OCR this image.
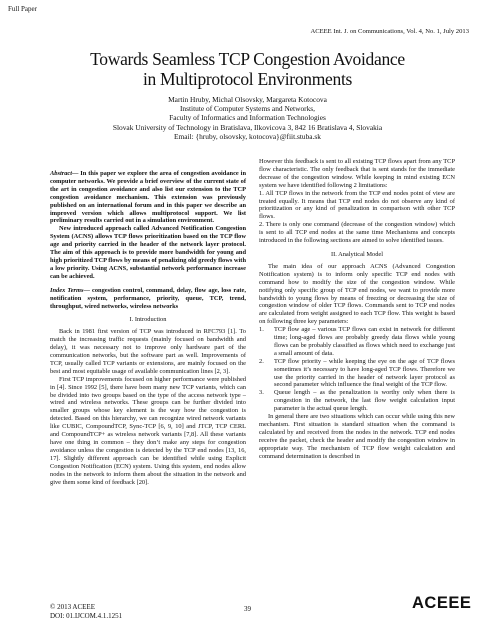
Full Paper
ACEEE Int. J. on Communications, Vol. 4, No. 1, July 2013
Towards Seamless TCP Congestion Avoidance
in Multiprotocol Environments
Martin Hruby, Michal Olsovsky, Margareta Kotocova
Institute of Computer Systems and Networks,
Faculty of Informatics and Information Technologies
Slovak University of Technology in Bratislava, Ilkovicova 3, 842 16 Bratislava 4, Slovakia
Email: {hruby, olsovsky, kotocova}@fiit.stuba.sk

Abstract— In this paper we explore the area of congestion avoidance in computer networks. We provide a brief overview of the current state of the art in congestion avoidance and also list our extension to the TCP congestion avoidance mechanism. This extension was previously published on an international forum and in this paper we describe an improved version which allows multiprotocol support. We list preliminary results carried out in a simulation environment.

New introduced approach called Advanced Notification Congestion System (ACNS) allows TCP flows prioritization based on the TCP flow age and priority carried in the header of the network layer protocol. The aim of this approach is to provide more bandwidth for young and high prioritized TCP flows by means of penalizing old greedy flows with a low priority. Using ACNS, substantial network performance increase can be achieved.

Index Terms— congestion control, command, delay, flow age, loss rate, notification system, performance, priority, queue, TCP, trend, throughput, wired networks, wireless networks

I. Introduction

Back in 1981 first version of TCP was introduced in RFC793 [1]. To match the increasing traffic requests (mainly focused on bandwidth and delay), it was necessary not to improve only hardware part of the communication networks, but the software part as well. Improvements of TCP, usually called TCP variants or extensions, are mainly focused on the best and most equitable usage of available communication lines [2, 3].

First TCP improvements focused on higher performance were published in [4]. Since 1992 [5], there have been many new TCP variants, which can be divided into two groups based on the type of the access network type – wired and wireless networks. These groups can be further divided into smaller groups whose key element is the way how the congestion is detected. Based on this hierarchy, we can recognize wired network variants like CUBIC, CompoundTCP, Sync-TCP [6, 9, 10] and JTCP, TCP CERL and CompoundTCP+ as wireless network variants [7,8]. All these variants have one thing in common – they don’t make any steps for congestion avoidance unless the congestion is detected by the TCP end nodes [13, 16, 17]. Slightly different approach can be identified while using Explicit Congestion Notification (ECN) system. Using this system, end nodes allow nodes in the network to inform them about the situation in the network and give them some kind of feedback [20].

However this feedback is sent to all existing TCP flows apart from any TCP flow characteristic. The only feedback that is sent stands for the immediate decrease of the congestion window. While keeping in mind existing ECN system we have identified following 2 limitations:

1. All TCP flows in the network from the TCP end nodes point of view are treated equally. It means that TCP end nodes do not observe any kind of prioritization or any kind of penalization in comparison with other TCP flows.

2. There is only one command (decrease of the congestion window) which is sent to all TCP end nodes at the same time Mechanisms and concepts introduced in the following sections are aimed to solve identified issues.

II. Analytical Model

The main idea of our approach ACNS (Advanced Congestion Notification system) is to inform only specific TCP end nodes with command how to modify the size of the congestion window. While notifying only specific group of TCP end nodes, we want to provide more bandwidth to young flows by means of freezing or decreasing the size of congestion window of older TCP flows. Commands sent to TCP end nodes are calculated from weight assigned to each TCP flow. This weight is based on following three key parameters:

1. TCP flow age – various TCP flows can exist in network for different time; long-aged flows are probably greedy data flows while young flows can be probably classified as flows which need to exchange just a small amount of data.
2. TCP flow priority – while keeping the eye on the age of TCP flows sometimes it’s necessary to have long-aged TCP flows. Therefore we use the priority carried in the header of network layer protocol as second parameter which influence the final weight of the TCP flow.
3. Queue length – as the penalization is worthy only when there is congestion in the network, the last flow weight calculation input parameter is the actual queue length.

In general there are two situations which can occur while using this new mechanism. First situation is standard situation when the command is calculated by and received from the nodes in the network. TCP end nodes receive the packet, check the header and modify the congestion window in appropriate way. The mechanism of TCP flow weight calculation and command determination is described in

© 2013 ACEEE
DOI: 01.IJCOM.4.1.1251
39	ACEEE
